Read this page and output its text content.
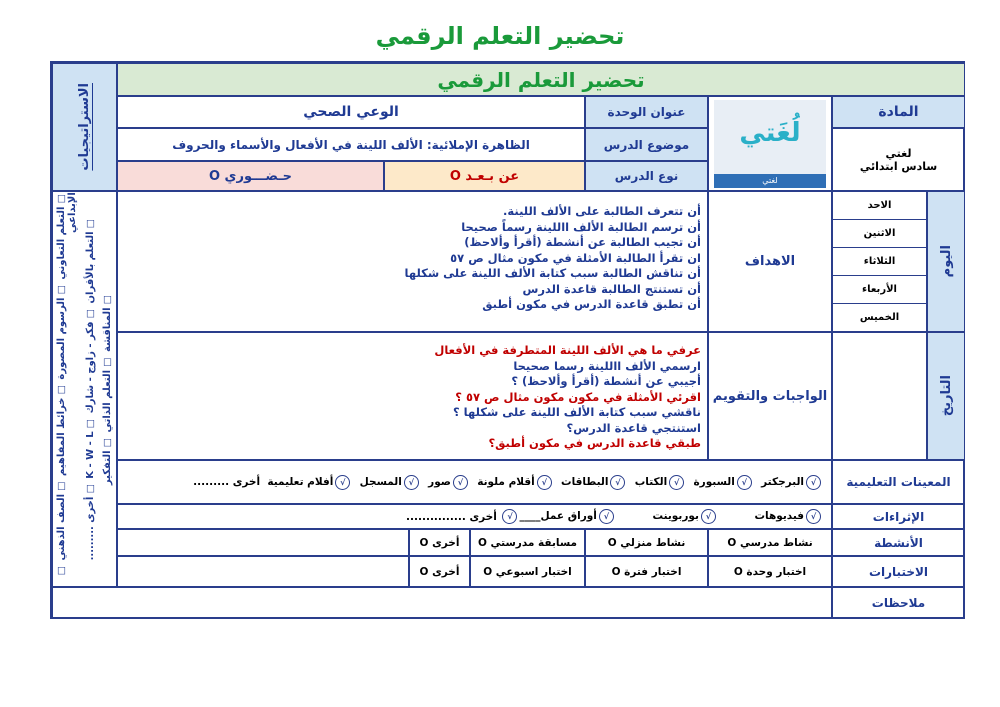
تحضير التعلم الرقمي
الاستراتيجيات
☐ التعلم التعاوني ☐ الرسوم المصورة ☐ خرائط المفاهيم ☐ الصف الذهني ☐ الإبداعي
☐ التعلم بالأقران ☐ فكر - زاوج - شارك ☐ K - W - L ☐ أخرى ......... ☐ المناقشة ☐ التعلم الذاتي ☐ التفكير
تحضير التعلم الرقمي
المادة
لغتي
سادس ابتدائي
لُغَتي
لغتي
عنوان الوحدة
موضوع الدرس
نوع الدرس
الوعي الصحي
الظاهرة الإملائية: الألف اللينة في الأفعال والأسماء والحروف
عن بـعـد O
حـضـــوري O
اليوم
التاريخ
الاحد
الاثنين
الثلاثاء
الأربعاء
الخميس
الاهداف
أن تتعرف الطالبة على الألف اللينة.
أن ترسم الطالبة الألف االلينة رسماً صحيحا
أن تجيب الطالبة عن أنشطة (أقرأ وألاحظ)
ان تقرأ الطالبة الأمثلة في مكون مثال ص ٥٧
أن تناقش الطالبة سبب كتابة الألف اللينة على شكلها
أن تستنتج الطالبة قاعدة الدرس
أن تطبق قاعدة الدرس في مكون أطبق
الواجبات والتقويم
عرفي ما هي الألف اللينة المتطرفة في الأفعال
ارسمي الألف االلينة رسما صحيحا
أجيبي عن أنشطة (أقرأ وألاحظ) ؟
اقرئي الأمثلة في مكون مكون مثال ص ٥٧ ؟
ناقشي سبب كتابة الألف اللينة على شكلها ؟
استنتجي قاعدة الدرس؟
طبقي قاعدة الدرس في مكون أطبق؟
المعينات التعليمية
√البرجكتر

√السبورة

√الكتاب

√البطاقات

√أقلام ملونة

√صور

√المسجل

√أفلام تعليمية

أخرى .........
الإثراءات
√فيديوهات

√بوربوينت

√أوراق عمل____
√

أخرى ...............
الأنشطة
نشاط مدرسي O
نشاط منزلي O
مسابقة مدرستي O
أخرى O
الاختبارات
اختبار وحدة O
اختبار فترة O
اختبار اسبوعي O
أخرى O
ملاحظات
